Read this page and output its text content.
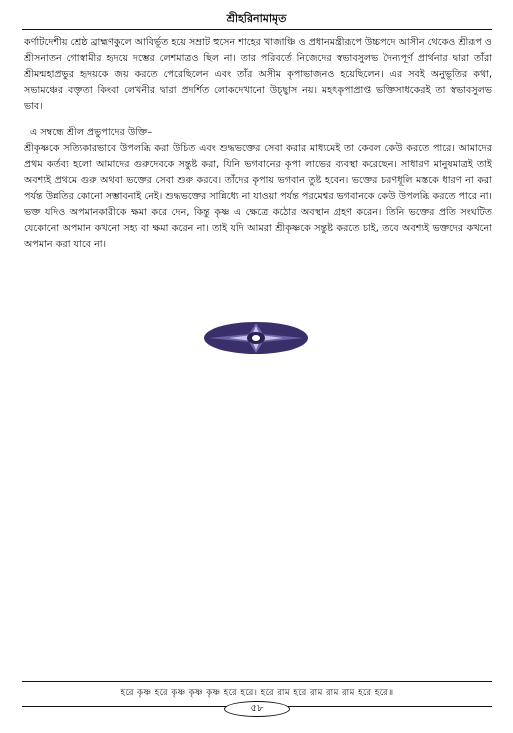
শ্রীহরিনামামৃত

কর্ণাটদেশীয় শ্রেষ্ঠ ব্রাহ্মণকুলে আবির্ভূত হয়ে সম্রাট হুসেন শাহের খাজাঞ্চি ও প্রধানমন্ত্রীরূপে উচ্চপদে আসীন থেকেও শ্রীরূপ ও শ্রীসনাতন গোস্বামীর হৃদয়ে দম্ভের লেশমাত্রও ছিল না। তার পরিবর্তে নিজেদের স্বভাবসুলভ দৈন্যপূর্ণ প্রার্থনার দ্বারা তাঁরা শ্রীমন্মহাপ্রভুর হৃদয়কে জয় করতে পেরেছিলেন এবং তাঁর অসীম কৃপাভাজনও হয়েছিলেন। এর সবই অনুভূতির কথা, সভামঞ্চের বক্তৃতা কিংবা লেখনীর দ্বারা প্রদর্শিত লোকদেখানো উচ্ছ্বাস নয়। মহৎকৃপাপ্রাপ্ত ভক্তিসাধকেরই তা স্বভাবসুলভ ভাব।

এ সম্বন্ধে শ্রীল প্রভুপাদের উক্তি–

শ্রীকৃষ্ণকে সত্যিকারভাবে উপলব্ধি করা উচিত এবং শুদ্ধভক্তের সেবা করার মাধ্যমেই তা কেবল কেউ করতে পারে। আমাদের প্রথম কর্তব্য হলো আমাদের গুরুদেবকে সন্তুষ্ট করা, যিনি ভগবানের কৃপা লাভের ব্যবস্থা করেছেন। সাধারণ মানুষমাত্রই তাই অবশ্যই প্রথমে গুরু অথবা ভক্তের সেবা শুরু করবে। তাঁদের কৃপায় ভগবান তুষ্ট হবেন। ভক্তের চরণধূলি মস্তকে ধারণ না করা পর্যন্ত উন্নতির কোনো সম্ভাবনাই নেই। শুদ্ধভক্তের সান্নিধ্যে না যাওয়া পর্যন্ত পরমেশ্বর ভগবানকে কেউ উপলব্ধি করতে পারে না।

ভক্ত যদিও অপমানকারীকে ক্ষমা করে দেন, কিন্তু কৃষ্ণ এ ক্ষেত্রে কঠোর অবস্থান গ্রহণ করেন। তিনি ভক্তের প্রতি সংঘটিত যেকোনো অপমান কখনো সহ্য বা ক্ষমা করেন না। তাই যদি আমরা শ্রীকৃষ্ণকে সন্তুষ্ট করতে চাই, তবে অবশ্যই ভক্তদের কখনো অপমান করা যাবে না।

হরে কৃষ্ণ হরে কৃষ্ণ কৃষ্ণ কৃষ্ণ হরে হরে। হরে রাম হরে রাম রাম রাম হরে হরে॥
৫৮
